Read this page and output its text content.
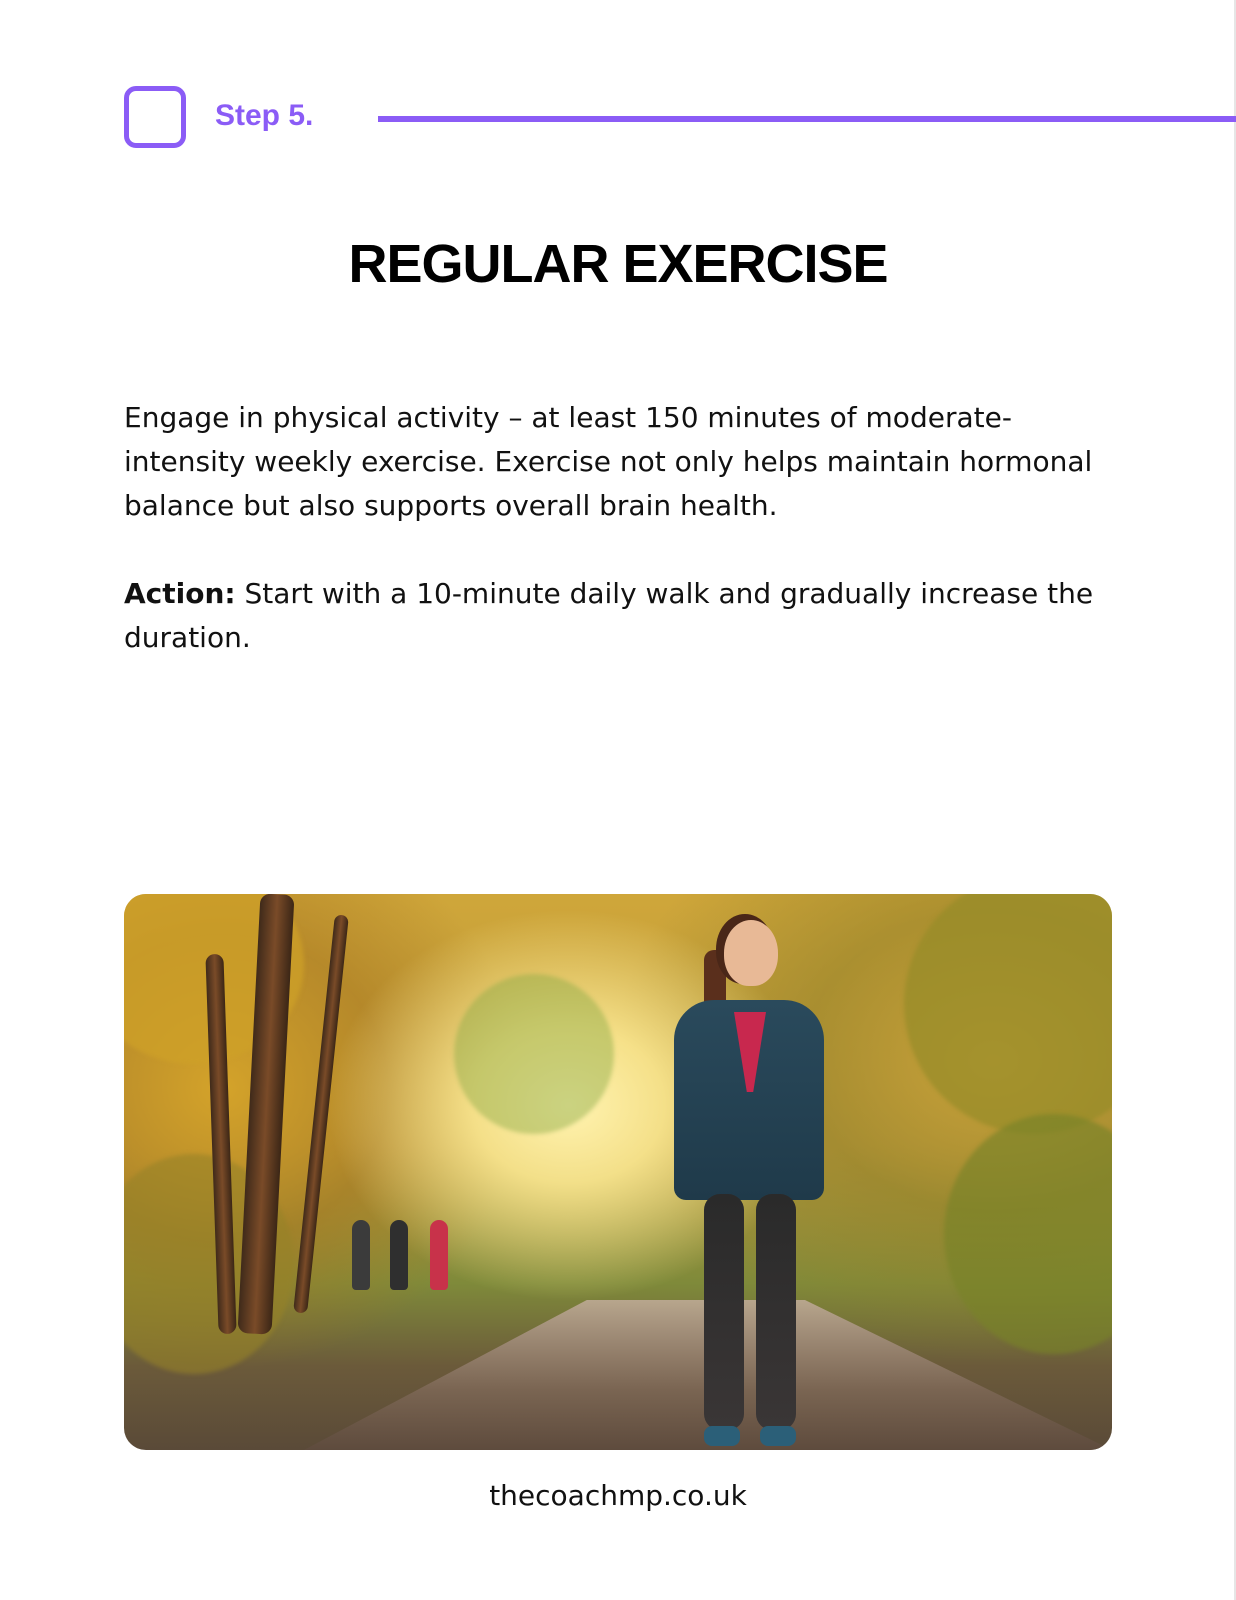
Step 5.
REGULAR EXERCISE

Engage in physical activity – at least 150 minutes of moderate-intensity weekly exercise. Exercise not only helps maintain hormonal balance but also supports overall brain health.

Action: Start with a 10-minute daily walk and gradually increase the duration.

thecoachmp.co.uk
